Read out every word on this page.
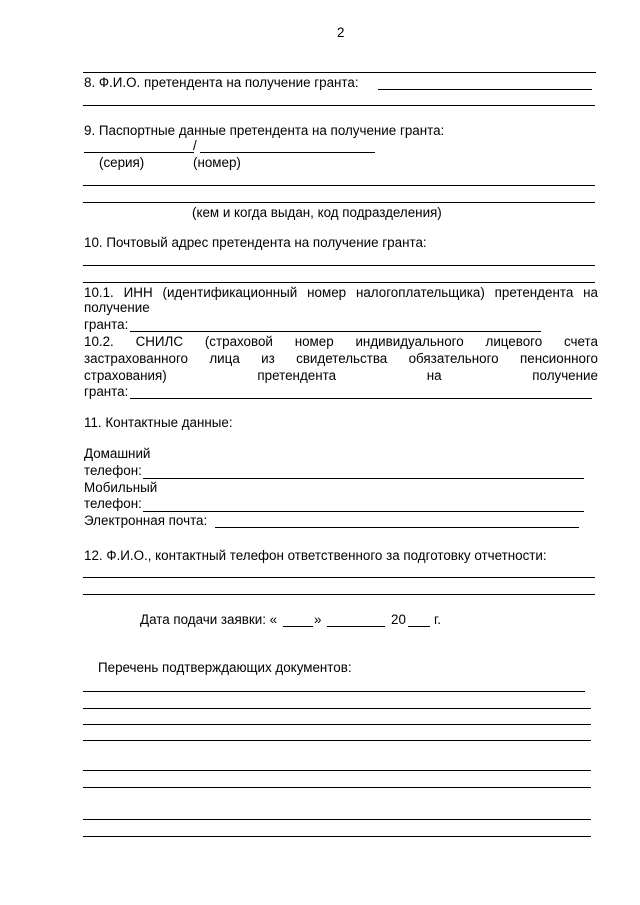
2
8. Ф.И.О. претендента на получение гранта:
9. Паспортные данные претендента на получение гранта:
/
(серия)	(номер)
(кем и когда выдан, код подразделения)
10. Почтовый адрес претендента на получение гранта:
10.1. ИНН (идентификационный номер налогоплательщика) претендента на
получение
гранта:
10.2. СНИЛС (страховой номер индивидуального лицевого счета
застрахованного лица из свидетельства обязательного пенсионного
страхования)	претендента	на	получение
гранта:
11. Контактные данные:
Домашний
телефон:
Мобильный
телефон:
Электронная почта:
12. Ф.И.О., контактный телефон ответственного за подготовку отчетности:
Дата подачи заявки: «	»	20 г.
Перечень подтверждающих документов:
